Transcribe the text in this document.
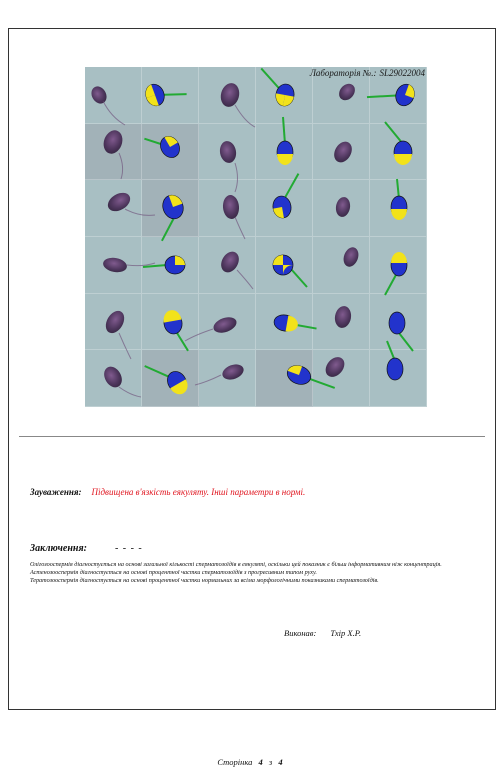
Лабораторія №.: SL29022004
Зауваження: Підвищена в'язкість еякуляту. Інші параметри в нормі.
Заключення:	- - - -

Олігозооспермія діагностується на основі загальної кількості сперматозоїдів в еякуляті, оскільки цей показник є більш інформативним ніж концентрація.

Астенозооспермія діагностується на основі процентної частки сперматозоїдів з прогресивним типом руху.

Тератозооспермія діагностується на основі процентної частки нормальних за всіма морфологічними показниками сперматозоїдів.

Виконав: Тхір Х.Р.
Сторінка 4 з 4
